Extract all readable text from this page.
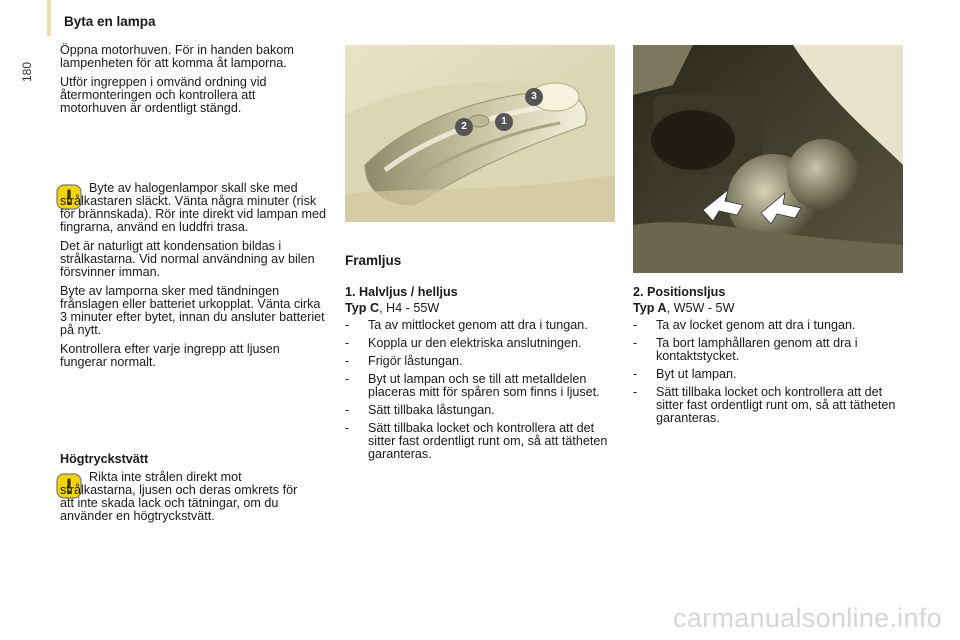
Byta en lampa
180

Öppna motorhuven. För in handen bakom lampenheten för att komma åt lamporna.

Utför ingreppen i omvänd ordning vid återmonteringen och kontrollera att motorhuven är ordentligt stängd.

Byte av halogenlampor skall ske med strålkastaren släckt. Vänta några minuter (risk för brännskada). Rör inte direkt vid lampan med fingrarna, använd en luddfri trasa.

Det är naturligt att kondensation bildas i strålkastarna. Vid normal användning av bilen försvinner imman.

Byte av lamporna sker med tändningen frånslagen eller batteriet urkopplat. Vänta cirka 3 minuter efter bytet, innan du ansluter batteriet på nytt.

Kontrollera efter varje ingrepp att ljusen fungerar normalt.

Högtryckstvätt

Rikta inte strålen direkt mot strålkastarna, ljusen och deras omkrets för att inte skada lack och tätningar, om du använder en högtryckstvätt.

3
2	1
Framljus
1. Halvljus / helljus
Typ C, H4 - 55W
- Ta av mittlocket genom att dra i tungan.
- Koppla ur den elektriska anslutningen.
- Frigör låstungan.
- Byt ut lampan och se till att metalldelen placeras mitt för spåren som finns i ljuset.
- Sätt tillbaka låstungan.
- Sätt tillbaka locket och kontrollera att det sitter fast ordentligt runt om, så att tätheten garanteras.
2. Positionsljus
Typ A, W5W - 5W
- Ta av locket genom att dra i tungan.
- Ta bort lamphållaren genom att dra i kontaktstycket.
- Byt ut lampan.
- Sätt tillbaka locket och kontrollera att det sitter fast ordentligt runt om, så att tätheten garanteras.
carmanualsonline.info
